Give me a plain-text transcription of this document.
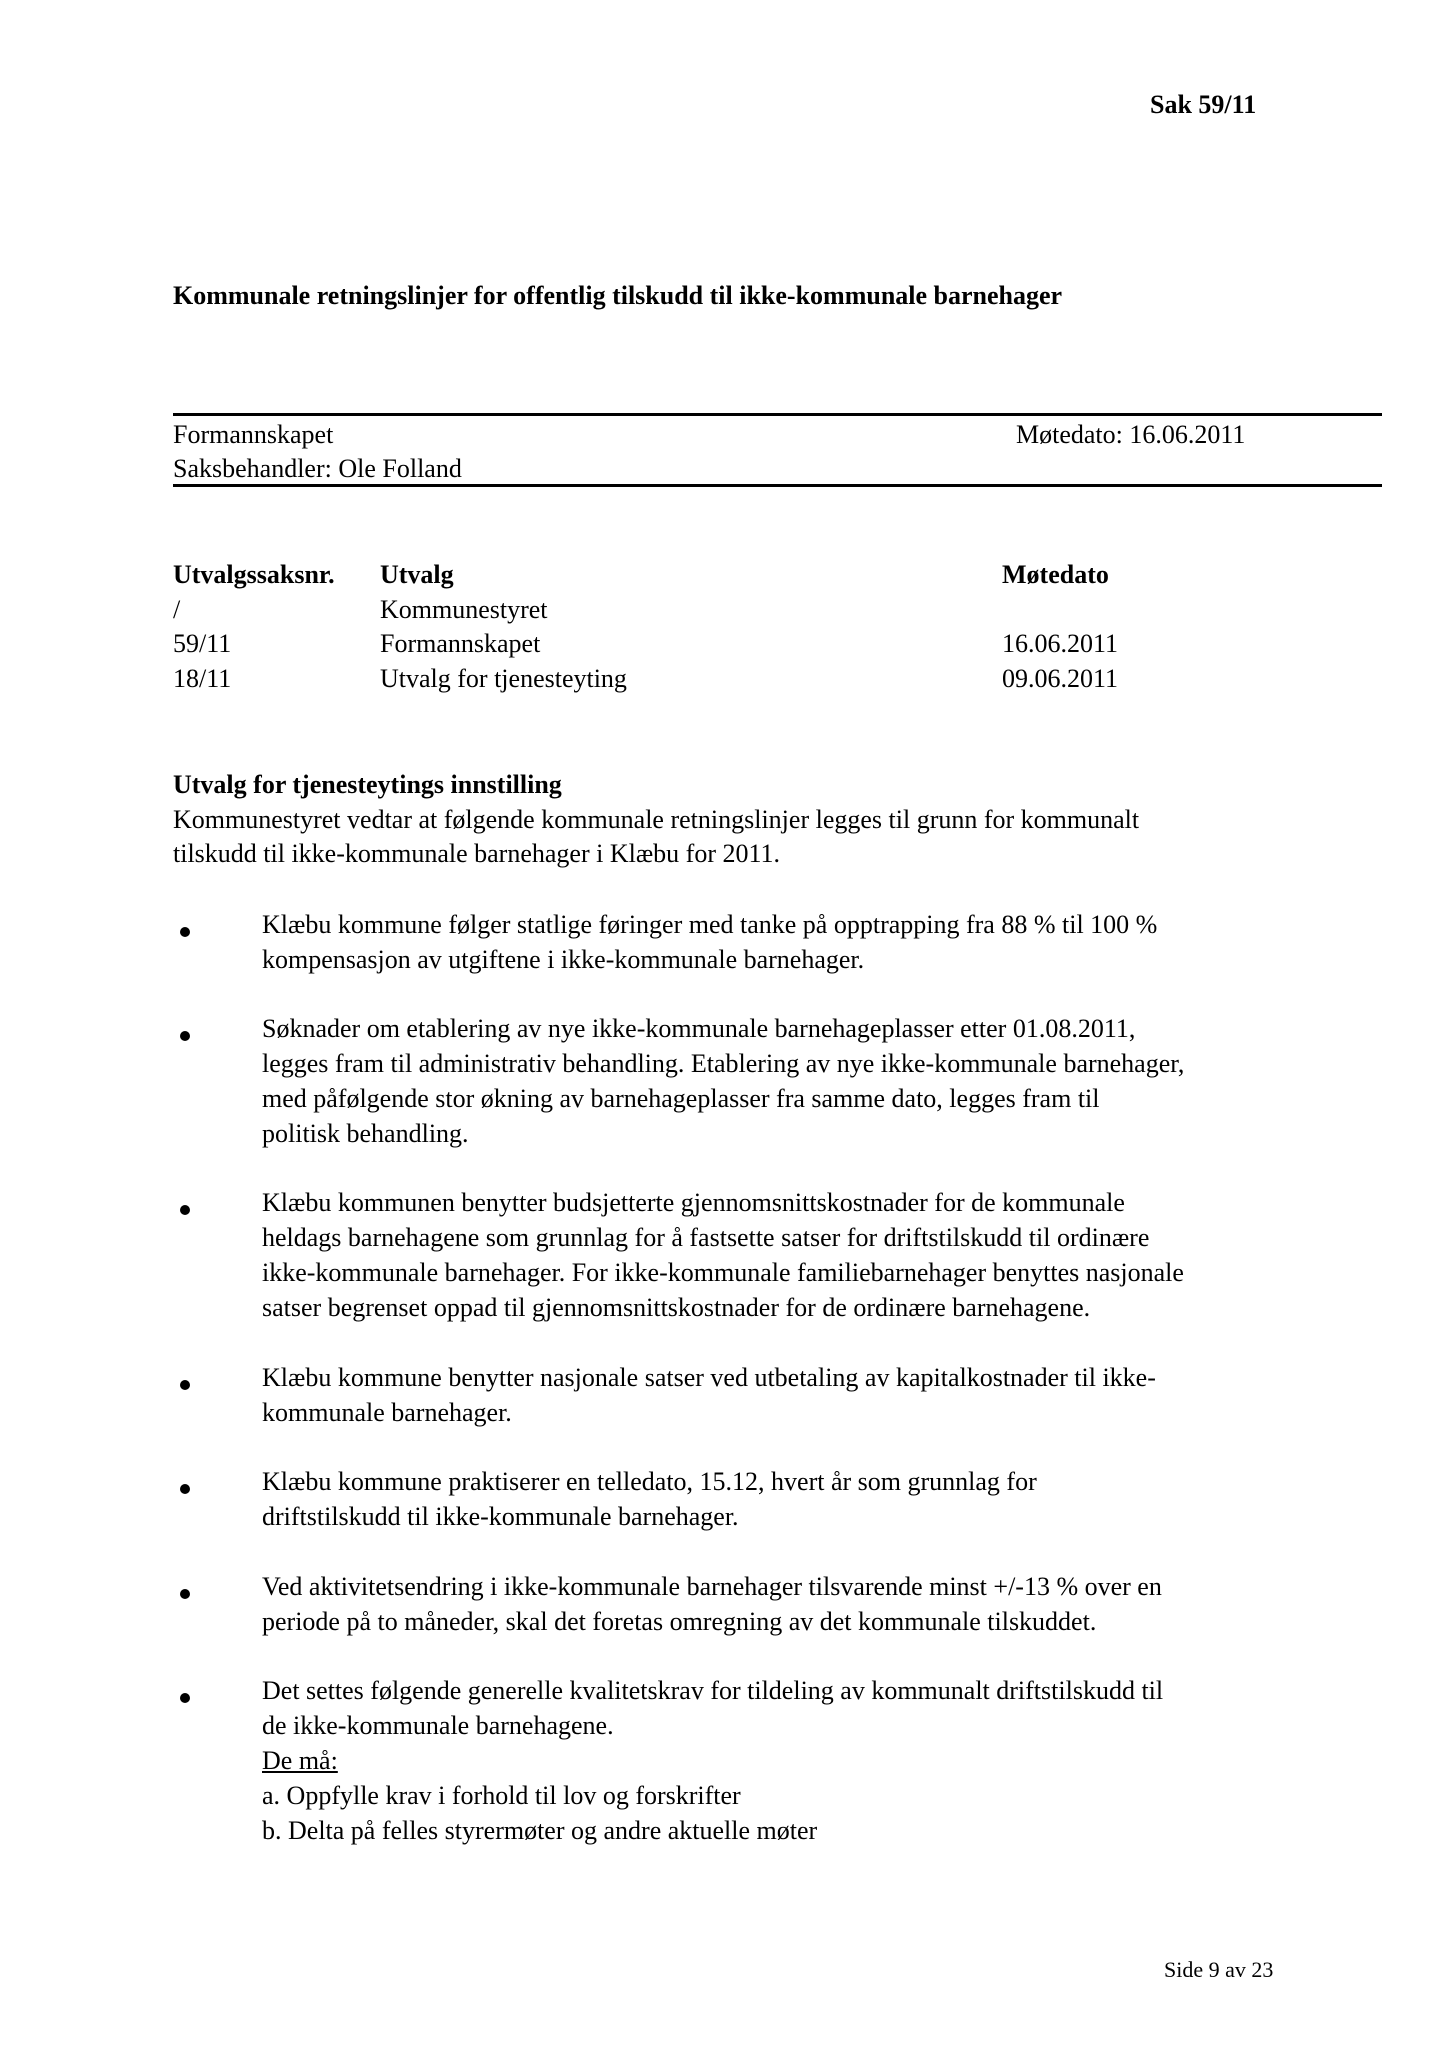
Sak 59/11
Kommunale retningslinjer for offentlig tilskudd til ikke-kommunale barnehager
Formannskapet	Møtedato: 16.06.2011
Saksbehandler: Ole Folland
Utvalgssaksnr. Utvalg	Møtedato
/	Kommunestyret
59/11	Formannskapet	16.06.2011
18/11	Utvalg for tjenesteyting	09.06.2011
Utvalg for tjenesteytings innstilling
Kommunestyret vedtar at følgende kommunale retningslinjer legges til grunn for kommunalt
tilskudd til ikke-kommunale barnehager i Klæbu for 2011.
Klæbu kommune følger statlige føringer med tanke på opptrapping fra 88 % til 100 %
kompensasjon av utgiftene i ikke-kommunale barnehager.
Søknader om etablering av nye ikke-kommunale barnehageplasser etter 01.08.2011,
legges fram til administrativ behandling. Etablering av nye ikke-kommunale barnehager,
med påfølgende stor økning av barnehageplasser fra samme dato, legges fram til
politisk behandling.
Klæbu kommunen benytter budsjetterte gjennomsnittskostnader for de kommunale
heldags barnehagene som grunnlag for å fastsette satser for driftstilskudd til ordinære
ikke-kommunale barnehager. For ikke-kommunale familiebarnehager benyttes nasjonale
satser begrenset oppad til gjennomsnittskostnader for de ordinære barnehagene.
Klæbu kommune benytter nasjonale satser ved utbetaling av kapitalkostnader til ikke-
kommunale barnehager.
Klæbu kommune praktiserer en telledato, 15.12, hvert år som grunnlag for
driftstilskudd til ikke-kommunale barnehager.
Ved aktivitetsendring i ikke-kommunale barnehager tilsvarende minst +/-13 % over en
periode på to måneder, skal det foretas omregning av det kommunale tilskuddet.
Det settes følgende generelle kvalitetskrav for tildeling av kommunalt driftstilskudd til
de ikke-kommunale barnehagene.
De må:
a. Oppfylle krav i forhold til lov og forskrifter
b. Delta på felles styrermøter og andre aktuelle møter
Side 9 av 23
